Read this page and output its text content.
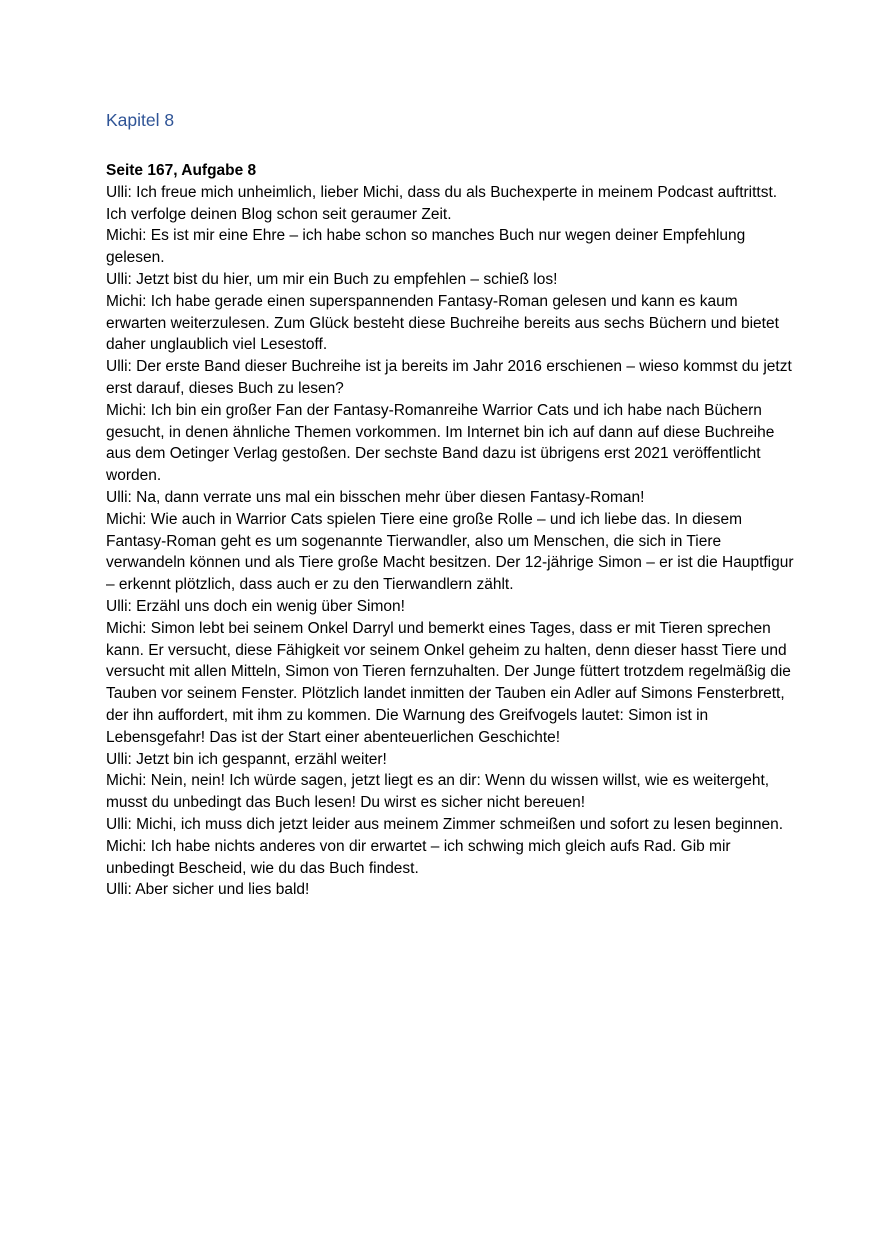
Kapitel 8

Seite 167, Aufgabe 8

Ulli: Ich freue mich unheimlich, lieber Michi, dass du als Buchexperte in meinem Podcast auftrittst. Ich verfolge deinen Blog schon seit geraumer Zeit.

Michi: Es ist mir eine Ehre – ich habe schon so manches Buch nur wegen deiner Empfehlung gelesen.

Ulli: Jetzt bist du hier, um mir ein Buch zu empfehlen – schieß los!

Michi: Ich habe gerade einen superspannenden Fantasy-Roman gelesen und kann es kaum erwarten weiterzulesen. Zum Glück besteht diese Buchreihe bereits aus sechs Büchern und bietet daher unglaublich viel Lesestoff.

Ulli: Der erste Band dieser Buchreihe ist ja bereits im Jahr 2016 erschienen – wieso kommst du jetzt erst darauf, dieses Buch zu lesen?

Michi: Ich bin ein großer Fan der Fantasy-Romanreihe Warrior Cats und ich habe nach Büchern gesucht, in denen ähnliche Themen vorkommen. Im Internet bin ich auf dann auf diese Buchreihe aus dem Oetinger Verlag gestoßen. Der sechste Band dazu ist übrigens erst 2021 veröffentlicht worden.

Ulli: Na, dann verrate uns mal ein bisschen mehr über diesen Fantasy-Roman!

Michi: Wie auch in Warrior Cats spielen Tiere eine große Rolle – und ich liebe das. In diesem Fantasy-Roman geht es um sogenannte Tierwandler, also um Menschen, die sich in Tiere verwandeln können und als Tiere große Macht besitzen. Der 12-jährige Simon – er ist die Hauptfigur – erkennt plötzlich, dass auch er zu den Tierwandlern zählt.

Ulli: Erzähl uns doch ein wenig über Simon!

Michi: Simon lebt bei seinem Onkel Darryl und bemerkt eines Tages, dass er mit Tieren sprechen kann. Er versucht, diese Fähigkeit vor seinem Onkel geheim zu halten, denn dieser hasst Tiere und versucht mit allen Mitteln, Simon von Tieren fernzuhalten. Der Junge füttert trotzdem regelmäßig die Tauben vor seinem Fenster. Plötzlich landet inmitten der Tauben ein Adler auf Simons Fensterbrett, der ihn auffordert, mit ihm zu kommen. Die Warnung des Greifvogels lautet: Simon ist in Lebensgefahr! Das ist der Start einer abenteuerlichen Geschichte!

Ulli: Jetzt bin ich gespannt, erzähl weiter!

Michi: Nein, nein! Ich würde sagen, jetzt liegt es an dir: Wenn du wissen willst, wie es weitergeht, musst du unbedingt das Buch lesen! Du wirst es sicher nicht bereuen!

Ulli: Michi, ich muss dich jetzt leider aus meinem Zimmer schmeißen und sofort zu lesen beginnen.

Michi: Ich habe nichts anderes von dir erwartet – ich schwing mich gleich aufs Rad. Gib mir unbedingt Bescheid, wie du das Buch findest.

Ulli: Aber sicher und lies bald!
